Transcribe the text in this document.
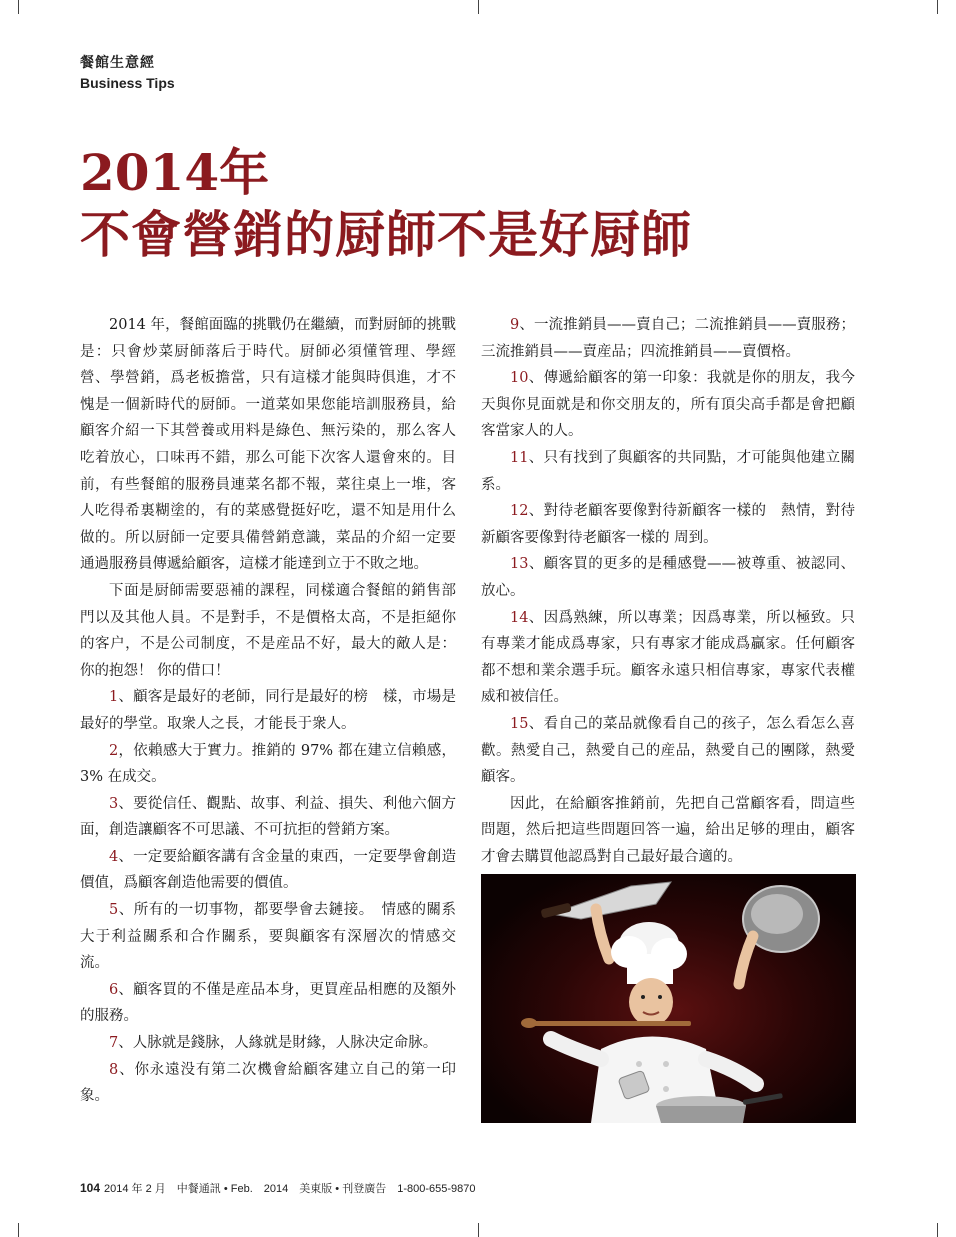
餐館生意經
Business Tips
2014年
不會營銷的厨師不是好厨師

2014 年，餐館面臨的挑戰仍在繼續，而對厨師的挑戰是：只會炒菜厨師落后于時代。厨師必須懂管理、學經營、學營銷，爲老板擔當，只有這樣才能與時俱進，才不愧是一個新時代的厨師。一道菜如果您能培訓服務員，給顧客介紹一下其營養或用料是綠色、無污染的，那么客人吃着放心，口味再不錯，那么可能下次客人還會來的。目前，有些餐館的服務員連菜名都不報，菜往桌上一堆，客人吃得希裏糊塗的，有的菜感覺挺好吃，還不知是用什么做的。所以厨師一定要具備營銷意識，菜品的介紹一定要通過服務員傳遞給顧客，這樣才能達到立于不敗之地。

下面是厨師需要惡補的課程，同樣適合餐館的銷售部門以及其他人員。不是對手，不是價格太高，不是拒絕你的客户，不是公司制度，不是産品不好，最大的敵人是：你的抱怨！ 你的借口！

1、顧客是最好的老師，同行是最好的榜　樣，市場是最好的學堂。取衆人之長，才能長于衆人。

2，依賴感大于實力。推銷的 97% 都在建立信賴感，3% 在成交。

3、要從信任、觀點、故事、利益、損失、利他六個方面，創造讓顧客不可思議、不可抗拒的營銷方案。

4、一定要給顧客講有含金量的東西，一定要學會創造價值，爲顧客創造他需要的價值。

5、所有的一切事物，都要學會去鏈接。　情感的關系大于利益關系和合作關系，要與顧客有深層次的情感交流。

6、顧客買的不僅是産品本身，更買産品相應的及額外的服務。

7、人脉就是錢脉，人緣就是財緣，人脉决定命脉。

8、你永遠没有第二次機會給顧客建立自己的第一印象。

9、一流推銷員——賣自己；二流推銷員——賣服務；三流推銷員——賣産品；四流推銷員——賣價格。

10、傳遞給顧客的第一印象：我就是你的朋友，我今天與你見面就是和你交朋友的，所有頂尖高手都是會把顧客當家人的人。

11、只有找到了與顧客的共同點，才可能與他建立關系。

12、對待老顧客要像對待新顧客一樣的　熱情，對待新顧客要像對待老顧客一樣的 周到。

13、顧客買的更多的是種感覺——被尊重、被認同、放心。

14、因爲熟練，所以專業；因爲專業，所以極致。只有專業才能成爲專家，只有專家才能成爲贏家。任何顧客都不想和業余選手玩。顧客永遠只相信專家，專家代表權威和被信任。

15、看自己的菜品就像看自己的孩子，怎么看怎么喜歡。熱愛自己，熱愛自己的産品，熱愛自己的團隊，熱愛顧客。

因此，在給顧客推銷前，先把自己當顧客看，問這些問題，然后把這些問題回答一遍，給出足够的理由，顧客才會去購買他認爲對自己最好最合適的。

104 2014 年 2 月　中餐通訊 • Feb.　2014　美東版 • 刊登廣告　1-800-655-9870
